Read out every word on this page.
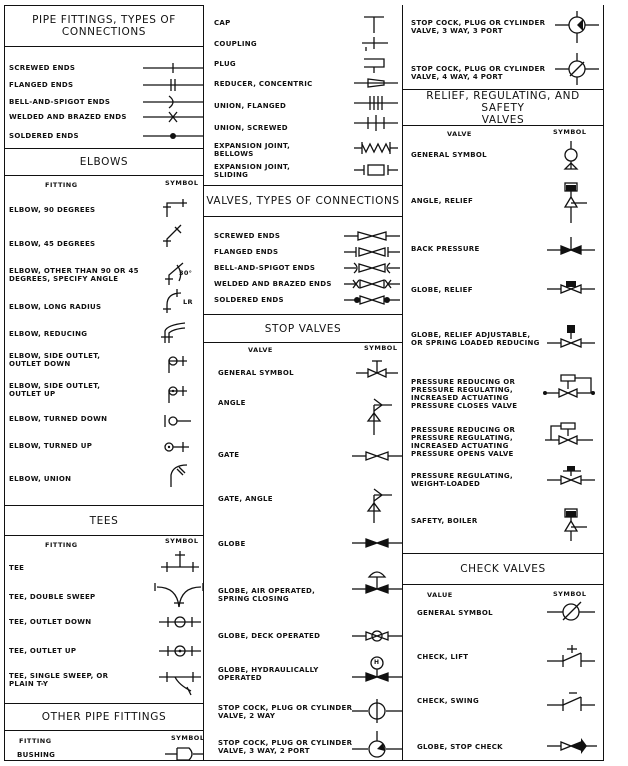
PIPE FITTINGS, TYPES OF
CONNECTIONS
SCREWED ENDS
FLANGED ENDS
BELL-AND-SPIGOT ENDS
WELDED AND BRAZED ENDS
SOLDERED ENDS
ELBOWS
FITTING	SYMBOL
ELBOW, 90 DEGREES
ELBOW, 45 DEGREES
ELBOW, OTHER THAN 90 OR 45
DEGREES, SPECIFY ANGLE
ELBOW, LONG RADIUS
ELBOW, REDUCING
ELBOW, SIDE OUTLET,
OUTLET DOWN
ELBOW, SIDE OUTLET,
OUTLET UP
ELBOW, TURNED DOWN
ELBOW, TURNED UP
ELBOW, UNION
30°
LR
TEES
FITTING	SYMBOL
TEE
TEE, DOUBLE SWEEP
TEE, OUTLET DOWN
TEE, OUTLET UP
TEE, SINGLE SWEEP, OR
PLAIN T-Y
OTHER PIPE FITTINGS
FITTING	SYMBOL
BUSHING
CAP
COUPLING
PLUG
REDUCER, CONCENTRIC
UNION, FLANGED
UNION, SCREWED
EXPANSION JOINT,
BELLOWS
EXPANSION JOINT,
SLIDING
VALVES, TYPES OF CONNECTIONS
SCREWED ENDS
FLANGED ENDS
BELL-AND-SPIGOT ENDS
WELDED AND BRAZED ENDS
SOLDERED ENDS
STOP VALVES
VALVE	SYMBOL
GENERAL SYMBOL
ANGLE
GATE
GATE, ANGLE
GLOBE
GLOBE, AIR OPERATED,
SPRING CLOSING
GLOBE, DECK OPERATED
GLOBE, HYDRAULICALLY
OPERATED
STOP COCK, PLUG OR CYLINDER
VALVE, 2 WAY
STOP COCK, PLUG OR CYLINDER
VALVE, 3 WAY, 2 PORT
H
STOP COCK, PLUG OR CYLINDER
VALVE, 3 WAY, 3 PORT
STOP COCK, PLUG OR CYLINDER
VALVE, 4 WAY, 4 PORT
RELIEF, REGULATING, AND SAFETY
VALVES
VALVE	SYMBOL
GENERAL SYMBOL
ANGLE, RELIEF
BACK PRESSURE
GLOBE, RELIEF
GLOBE, RELIEF ADJUSTABLE,
OR SPRING LOADED REDUCING
PRESSURE REDUCING OR
PRESSURE REGULATING,
INCREASED ACTUATING
PRESSURE CLOSES VALVE
PRESSURE REDUCING OR
PRESSURE REGULATING,
INCREASED ACTUATING
PRESSURE OPENS VALVE
PRESSURE REGULATING,
WEIGHT-LOADED
SAFETY, BOILER
CHECK VALVES
VALUE	SYMBOL
GENERAL SYMBOL
CHECK, LIFT
CHECK, SWING
GLOBE, STOP CHECK
